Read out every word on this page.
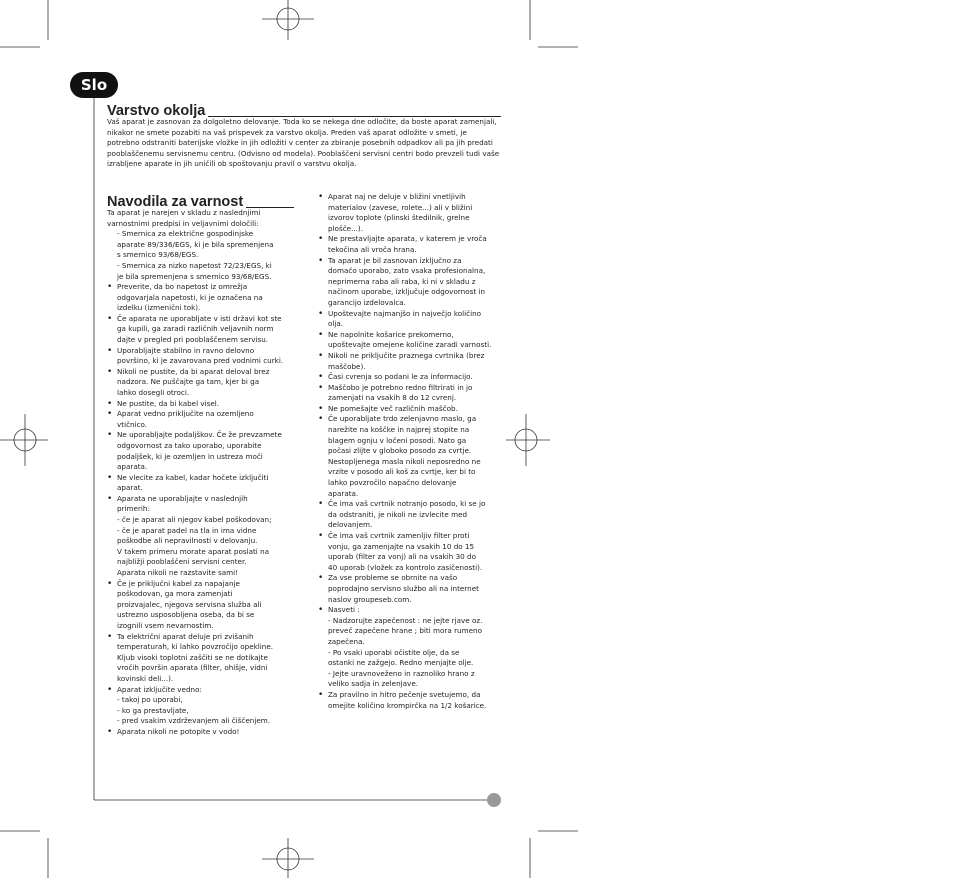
Slo
Varstvo okolja

Vaš aparat je zasnovan za dolgoletno delovanje. Toda ko se nekega dne odločite, da boste aparat zamenjali, nikakor ne smete pozabiti na vaš prispevek za varstvo okolja. Preden vaš aparat odložite v smeti, je potrebno odstraniti baterijske vložke in jih odložiti v center za zbiranje posebnih odpadkov ali pa jih predati pooblaščenemu servisnemu centru. (Odvisno od modela). Pooblaščeni servisni centri bodo prevzeli tudi vaše izrabljene aparate in jih uničili ob spoštovanju pravil o varstvu okolja.

Navodila za varnost
Ta aparat je narejen v skladu z naslednjimi
varnostnimi predpisi in veljavnimi določili:
- Smernica za električne gospodinjske
aparate 89/336/EGS, ki je bila spremenjena
s smernico 93/68/EGS.
- Smernica za nizko napetost 72/23/EGS, ki
je bila spremenjena s smernico 93/68/EGS.
• Preverite, da bo napetost iz omrežja
odgovarjala napetosti, ki je označena na
izdelku (izmenični tok).
• Če aparata ne uporabljate v isti državi kot ste
ga kupili, ga zaradi različnih veljavnih norm
dajte v pregled pri pooblaščenem servisu.
• Uporabljajte stabilno in ravno delovno
površino, ki je zavarovana pred vodnimi curki.
• Nikoli ne pustite, da bi aparat deloval brez
nadzora. Ne puščajte ga tam, kjer bi ga
lahko dosegli otroci.
• Ne pustite, da bi kabel visel.
• Aparat vedno priključite na ozemljeno
vtičnico.
• Ne uporabljajte podaljškov. Če že prevzamete
odgovornost za tako uporabo, uporabite
podaljšek, ki je ozemljen in ustreza moči
aparata.
• Ne vlecite za kabel, kadar hočete izključiti
aparat.
• Aparata ne uporabljajte v naslednjih
primerih:
- če je aparat ali njegov kabel poškodovan;
- če je aparat padel na tla in ima vidne
poškodbe ali nepravilnosti v delovanju.
V takem primeru morate aparat poslati na
najbližji pooblaščeni servisni center.
Aparata nikoli ne razstavite sami!
• Če je priključni kabel za napajanje
poškodovan, ga mora zamenjati
proizvajalec, njegova servisna služba ali
ustrezno usposobljena oseba, da bi se
izognili vsem nevarnostim.
• Ta električni aparat deluje pri zvišanih
temperaturah, ki lahko povzročijo opekline.
Kljub visoki toplotni zaščiti se ne dotikajte
vročih površin aparata (filter, ohišje, vidni
kovinski deli...).
• Aparat izključite vedno:
- takoj po uporabi,
- ko ga prestavljate,
- pred vsakim vzdrževanjem ali čiščenjem.
• Aparata nikoli ne potopite v vodo!
• Aparat naj ne deluje v bližini vnetljivih
materialov (zavese, rolete...) ali v bližini
izvorov toplote (plinski štedilnik, grelne
plošče...).
• Ne prestavljajte aparata, v katerem je vroča
tekočina ali vroča hrana.
• Ta aparat je bil zasnovan izključno za
domačo uporabo, zato vsaka profesionalna,
neprimerna raba ali raba, ki ni v skladu z
načinom uporabe, izključuje odgovornost in
garancijo izdelovalca.
• Upoštevajte najmanjšo in največjo količino
olja.
• Ne napolnite košarice prekomerno,
upoštevajte omejene količine zaradi varnosti.
• Nikoli ne priključite praznega cvrtnika (brez
maščobe).
• Časi cvrenja so podani le za informacijo.
• Maščobo je potrebno redno filtrirati in jo
zamenjati na vsakih 8 do 12 cvrenj.
• Ne pomešajte več različnih maščob.
• Če uporabljate trdo zelenjavno maslo, ga
narežite na koščke in najprej stopite na
blagem ognju v ločeni posodi. Nato ga
počasi zlijte v globoko posodo za cvrtje.
Nestopljenega masla nikoli neposredno ne
vrzite v posodo ali koš za cvrtje, ker bi to
lahko povzročilo napačno delovanje
aparata.
• Če ima vaš cvrtnik notranjo posodo, ki se jo
da odstraniti, je nikoli ne izvlecite med
delovanjem.
• Če ima vaš cvrtnik zamenljiv filter proti
vonju, ga zamenjajte na vsakih 10 do 15
uporab (filter za vonj) ali na vsakih 30 do
40 uporab (vložek za kontrolo zasičenosti).
• Za vse probleme se obrnite na vašo
poprodajno servisno službo ali na internet
naslov groupeseb.com.
• Nasveti :
- Nadzorujte zapečenost : ne jejte rjave oz.
preveč zapečene hrane ; biti mora rumeno
zapečena.
- Po vsaki uporabi očistite olje, da se
ostanki ne zažgejo. Redno menjajte olje.
- Jejte uravnoveženo in raznoliko hrano z
veliko sadja in zelenjave.
• Za pravilno in hitro pečenje svetujemo, da
omejite količino krompirčka na 1/2 košarice.
